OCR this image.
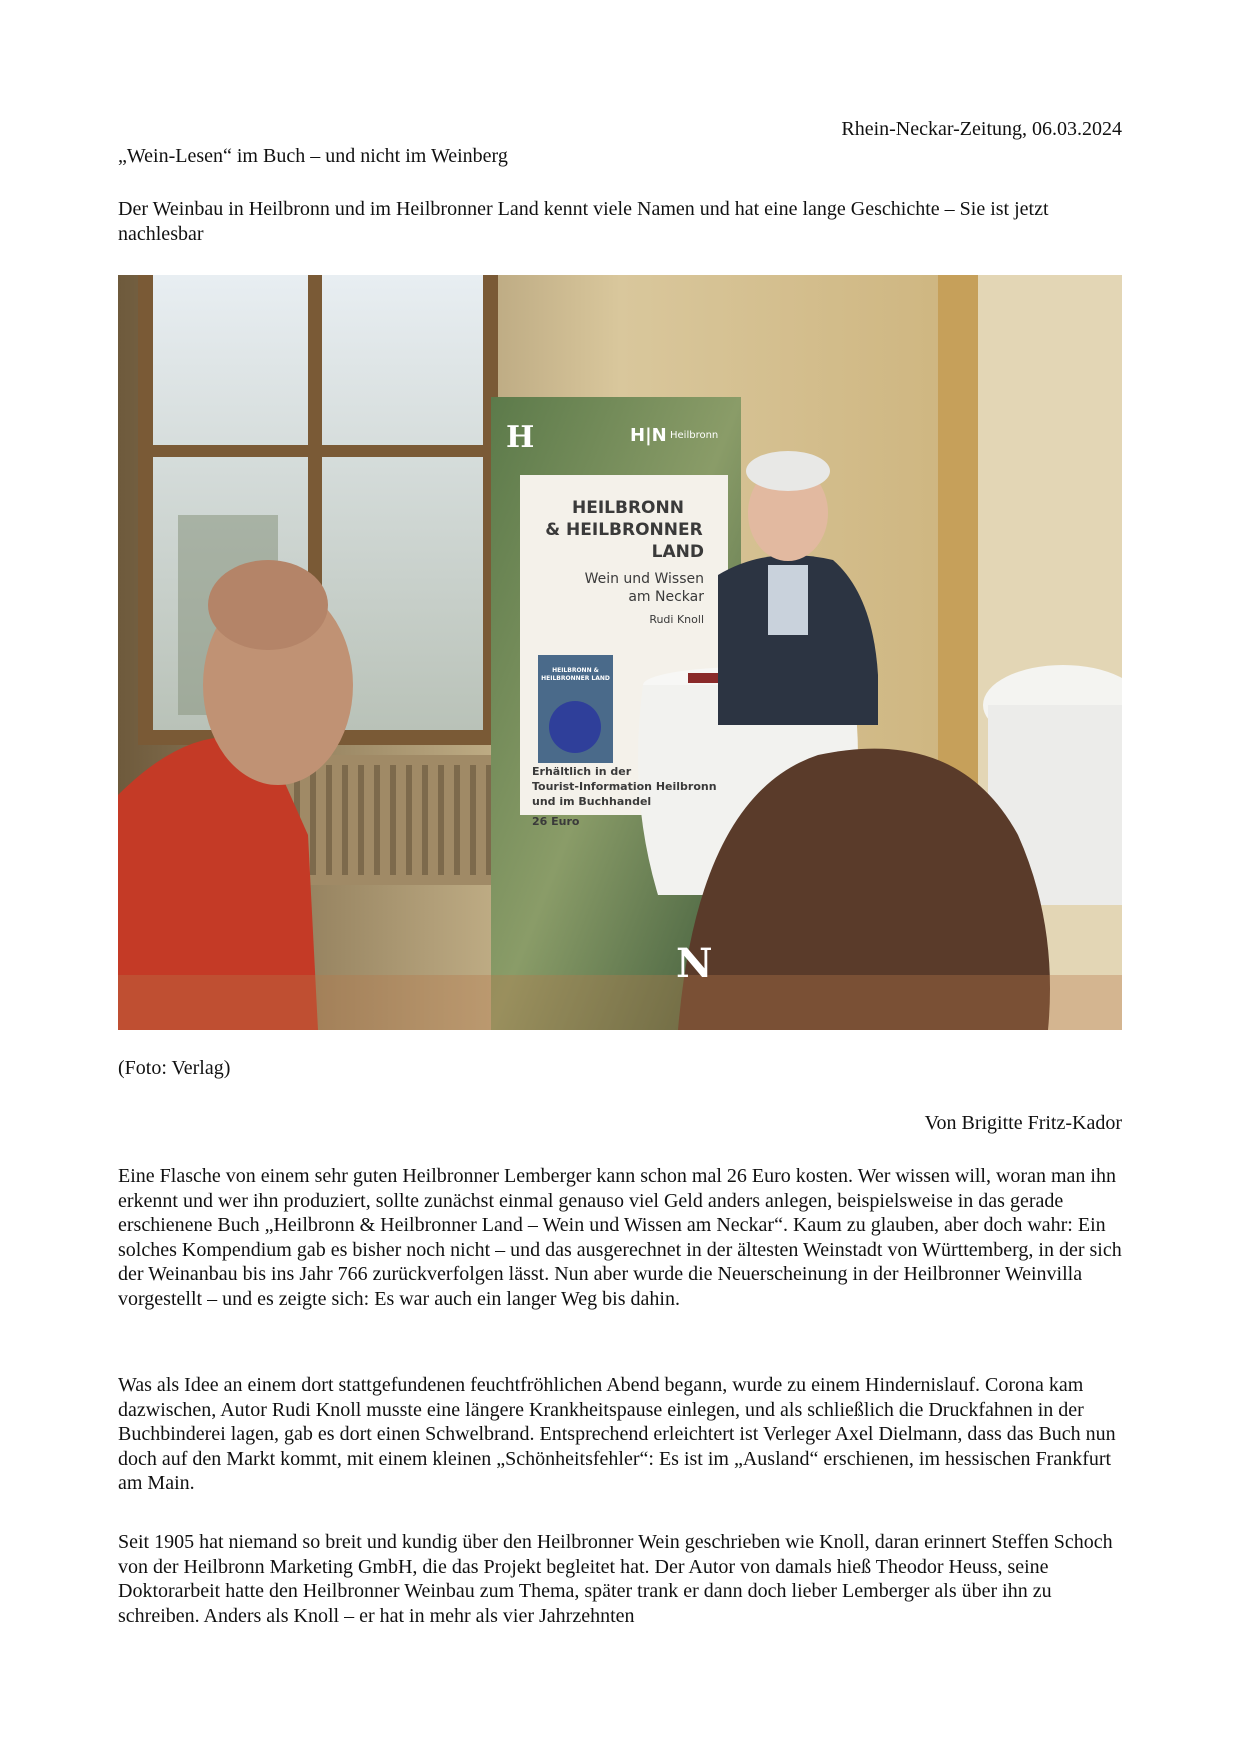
Rhein-Neckar-Zeitung, 06.03.2024
„Wein-Lesen“ im Buch – und nicht im Weinberg
Der Weinbau in Heilbronn und im Heilbronner Land kennt viele Namen und hat eine lange Geschichte – Sie ist jetzt nachlesbar
H	H|N Heilbronn
HEILBRONN
& HEILBRONNER
LAND
Wein und Wissen
am Neckar
Rudi Knoll
HEILBRONN &
HEILBRONNER LAND
Erhältlich in der
Tourist-Information Heilbronn
und im Buchhandel
26 Euro
N
(Foto: Verlag)
Von Brigitte Fritz-Kador

Eine Flasche von einem sehr guten Heilbronner Lemberger kann schon mal 26 Euro kosten. Wer wissen will, woran man ihn erkennt und wer ihn produziert, sollte zunächst einmal genauso viel Geld anders anlegen, beispielsweise in das gerade erschienene Buch „Heilbronn & Heilbronner Land – Wein und Wissen am Neckar“. Kaum zu glauben, aber doch wahr: Ein solches Kompendium gab es bisher noch nicht – und das ausgerechnet in der ältesten Weinstadt von Württemberg, in der sich der Weinanbau bis ins Jahr 766 zurückverfolgen lässt. Nun aber wurde die Neuerscheinung in der Heilbronner Weinvilla vorgestellt – und es zeigte sich: Es war auch ein langer Weg bis dahin.

Was als Idee an einem dort stattgefundenen feuchtfröhlichen Abend begann, wurde zu einem Hindernislauf. Corona kam dazwischen, Autor Rudi Knoll musste eine längere Krankheitspause einlegen, und als schließlich die Druckfahnen in der Buchbinderei lagen, gab es dort einen Schwelbrand. Entsprechend erleichtert ist Verleger Axel Dielmann, dass das Buch nun doch auf den Markt kommt, mit einem kleinen „Schönheitsfehler“: Es ist im „Ausland“ erschienen, im hessischen Frankfurt am Main.

Seit 1905 hat niemand so breit und kundig über den Heilbronner Wein geschrieben wie Knoll, daran erinnert Steffen Schoch von der Heilbronn Marketing GmbH, die das Projekt begleitet hat. Der Autor von damals hieß Theodor Heuss, seine Doktorarbeit hatte den Heilbronner Weinbau zum Thema, später trank er dann doch lieber Lemberger als über ihn zu schreiben. Anders als Knoll – er hat in mehr als vier Jahrzehnten
